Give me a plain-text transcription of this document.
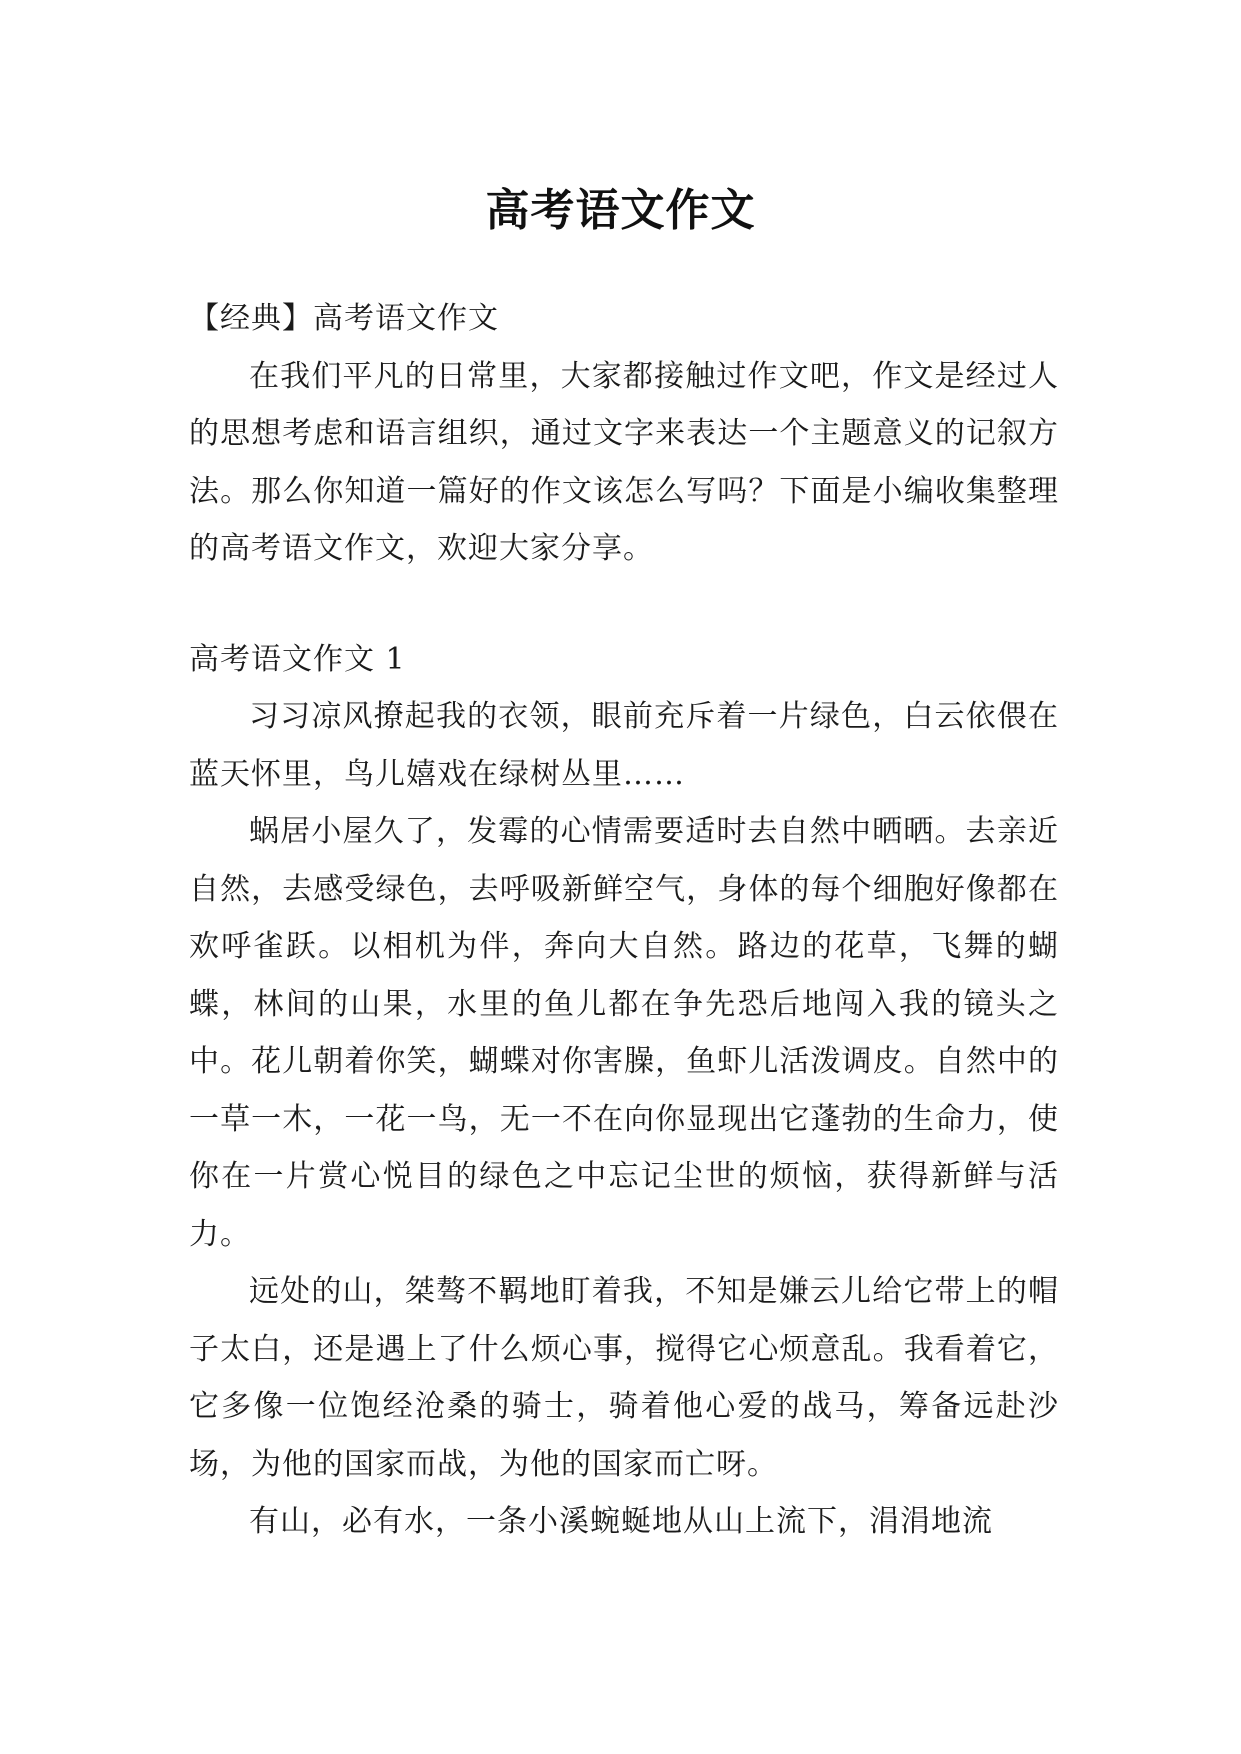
高考语文作文

【经典】高考语文作文

在我们平凡的日常里，大家都接触过作文吧，作文是经过人的思想考虑和语言组织，通过文字来表达一个主题意义的记叙方法。那么你知道一篇好的作文该怎么写吗？下面是小编收集整理的高考语文作文，欢迎大家分享。

高考语文作文 1

习习凉风撩起我的衣领，眼前充斥着一片绿色，白云依偎在蓝天怀里，鸟儿嬉戏在绿树丛里……

蜗居小屋久了，发霉的心情需要适时去自然中晒晒。去亲近自然，去感受绿色，去呼吸新鲜空气，身体的每个细胞好像都在欢呼雀跃。以相机为伴，奔向大自然。路边的花草，飞舞的蝴蝶，林间的山果，水里的鱼儿都在争先恐后地闯入我的镜头之中。花儿朝着你笑，蝴蝶对你害臊，鱼虾儿活泼调皮。自然中的一草一木，一花一鸟，无一不在向你显现出它蓬勃的生命力，使你在一片赏心悦目的绿色之中忘记尘世的烦恼，获得新鲜与活力。

远处的山，桀骜不羁地盯着我，不知是嫌云儿给它带上的帽子太白，还是遇上了什么烦心事，搅得它心烦意乱。我看着它，它多像一位饱经沧桑的骑士，骑着他心爱的战马，筹备远赴沙场，为他的国家而战，为他的国家而亡呀。

有山，必有水，一条小溪蜿蜒地从山上流下，涓涓地流
